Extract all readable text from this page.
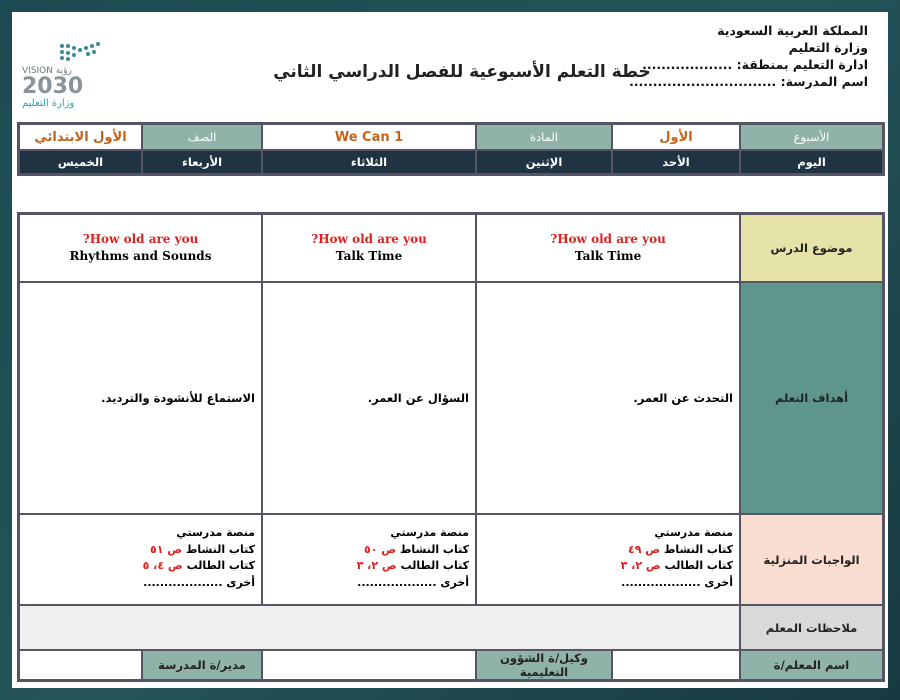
المملكة العربية السعودية
وزارة التعليم
ادارة التعليم بمنطقة: ...................
اسم المدرسة: ...............................
خطة التعلم الأسبوعية للفصل الدراسي الثاني
VISION رؤية
2030
وزارة التعليم
الأسبوع
الأول
المادة
We Can 1
الصف
الأول الابتدائي
اليوم
الأحد
الإثنين
الثلاثاء
الأربعاء
الخميس
موضوع الدرس
How old are you?
Talk Time
How old are you?
Talk Time
How old are you?
Rhythms and Sounds
أهداف التعلم
التحدث عن العمر.
السؤال عن العمر.
الاستماع للأنشودة والترديد.
الواجبات المنزلية
منصة مدرستي
كتاب النشاط ص ٤٩
كتاب الطالب ص ٢، ٣
أخرى ...................
منصة مدرستي
كتاب النشاط ص ٥٠
كتاب الطالب ص ٢، ٣
أخرى ...................
منصة مدرستي
كتاب النشاط ص ٥١
كتاب الطالب ص ٤، ٥
أخرى ...................
ملاحظات المعلم
اسم المعلم/ة
وكيل/ة الشؤون التعليمية
مدير/ة المدرسة
